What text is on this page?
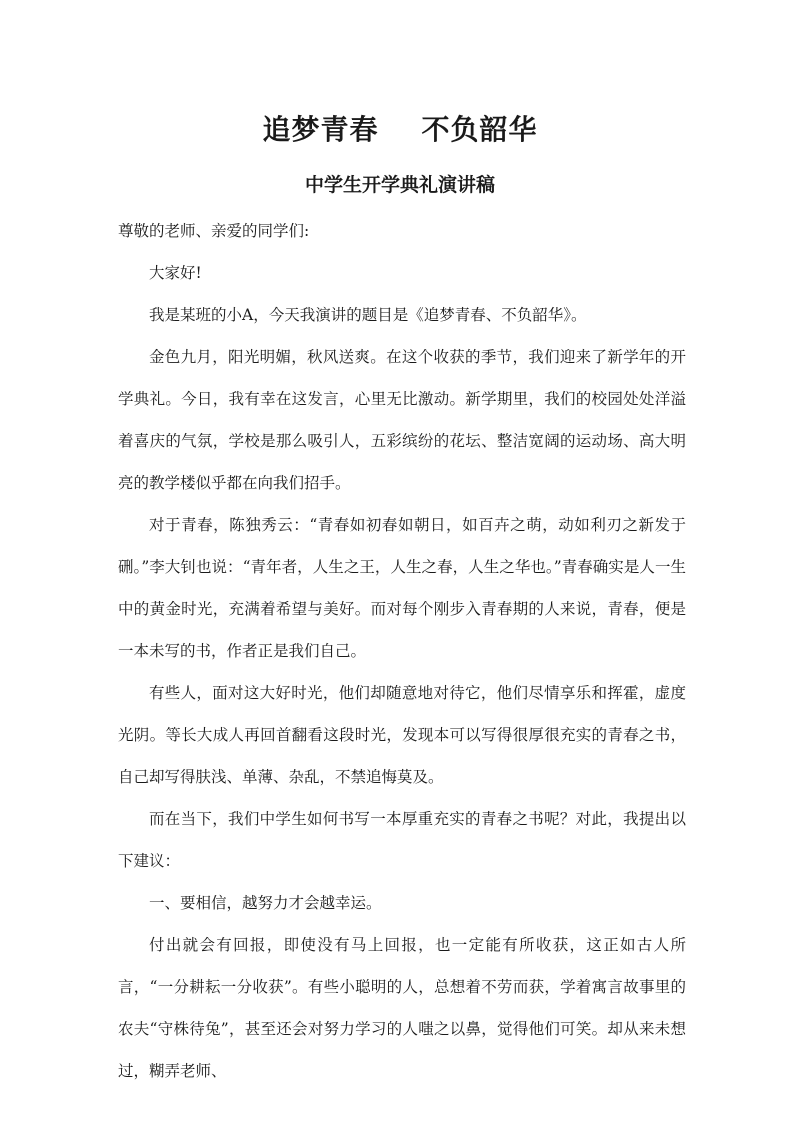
追梦青春    不负韶华
中学生开学典礼演讲稿

尊敬的老师、亲爱的同学们:

大家好!

我是某班的小A，今天我演讲的题目是《追梦青春、不负韶华》。

金色九月，阳光明媚，秋风送爽。在这个收获的季节，我们迎来了新学年的开学典礼。今日，我有幸在这发言，心里无比激动。新学期里，我们的校园处处洋溢着喜庆的气氛，学校是那么吸引人，五彩缤纷的花坛、整洁宽阔的运动场、高大明亮的教学楼似乎都在向我们招手。

对于青春，陈独秀云：“青春如初春如朝日，如百卉之萌，动如利刃之新发于硎。”李大钊也说：“青年者，人生之王，人生之春，人生之华也。”青春确实是人一生中的黄金时光，充满着希望与美好。而对每个刚步入青春期的人来说，青春，便是一本未写的书，作者正是我们自己。

有些人，面对这大好时光，他们却随意地对待它，他们尽情享乐和挥霍，虚度光阴。等长大成人再回首翻看这段时光，发现本可以写得很厚很充实的青春之书，自己却写得肤浅、单薄、杂乱，不禁追悔莫及。

而在当下，我们中学生如何书写一本厚重充实的青春之书呢？对此，我提出以下建议：

一、要相信，越努力才会越幸运。

付出就会有回报，即使没有马上回报，也一定能有所收获，这正如古人所言，“一分耕耘一分收获”。有些小聪明的人，总想着不劳而获，学着寓言故事里的农夫“守株待兔”，甚至还会对努力学习的人嗤之以鼻，觉得他们可笑。却从来未想过，糊弄老师、
